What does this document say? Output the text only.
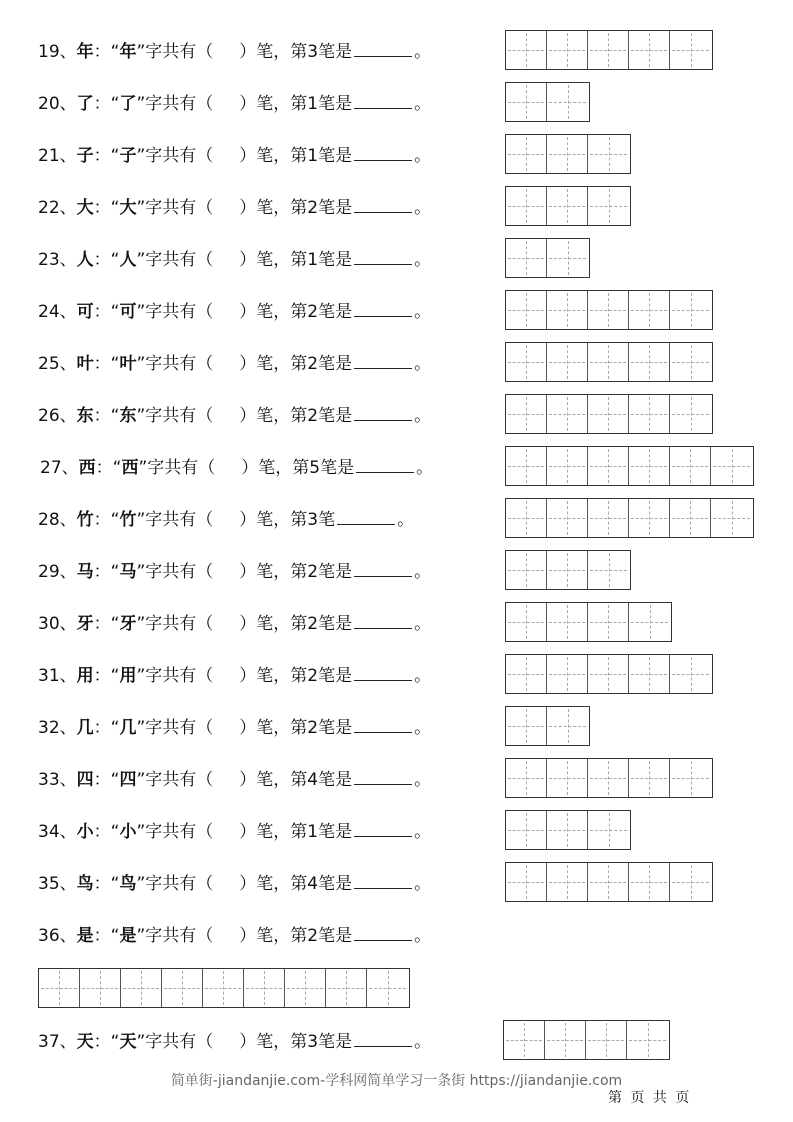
19、 年 ： “ 年 ” 字共有（ ）笔，第 3 笔 是	。
20、 了 ： “ 了 ” 字共有（ ）笔，第 1 笔 是	。
21、 子 ： “ 子 ” 字共有（ ）笔，第 1 笔 是	。
22、 大 ： “ 大 ” 字共有（ ）笔，第 2 笔 是	。
23、 人 ： “ 人 ” 字共有（ ）笔，第 1 笔 是	。
24、 可 ： “ 可 ” 字共有（ ）笔，第 2 笔 是	。
25、 叶 ： “ 叶 ” 字共有（ ）笔，第 2 笔 是	。
26、 东 ： “ 东 ” 字共有（ ）笔，第 2 笔 是	。
27、 西 ： “ 西 ” 字共有（ ）笔，第 5 笔 是	。
28、 竹 ： “ 竹 ” 字共有（ ）笔，第 3 笔	。
29、 马 ： “ 马 ” 字共有（ ）笔，第 2 笔 是	。
30、 牙 ： “ 牙 ” 字共有（ ）笔，第 2 笔 是	。
31、 用 ： “ 用 ” 字共有（ ）笔，第 2 笔 是	。
32、 几 ： “ 几 ” 字共有（ ）笔，第 2 笔 是	。
33、 四 ： “ 四 ” 字共有（ ）笔，第 4 笔 是	。
34、 小 ： “ 小 ” 字共有（ ）笔，第 1 笔 是	。
35、 鸟 ： “ 鸟 ” 字共有（ ）笔，第 4 笔 是	。
36、 是 ： “ 是 ” 字共有（ ）笔，第 2 笔 是	。
37、 天 ： “ 天 ” 字共有（ ）笔，第 3 笔 是	。
简单街-jiandanjie.com-学科网简单学习一条街 https://jiandanjie.com
第 页 共 页
